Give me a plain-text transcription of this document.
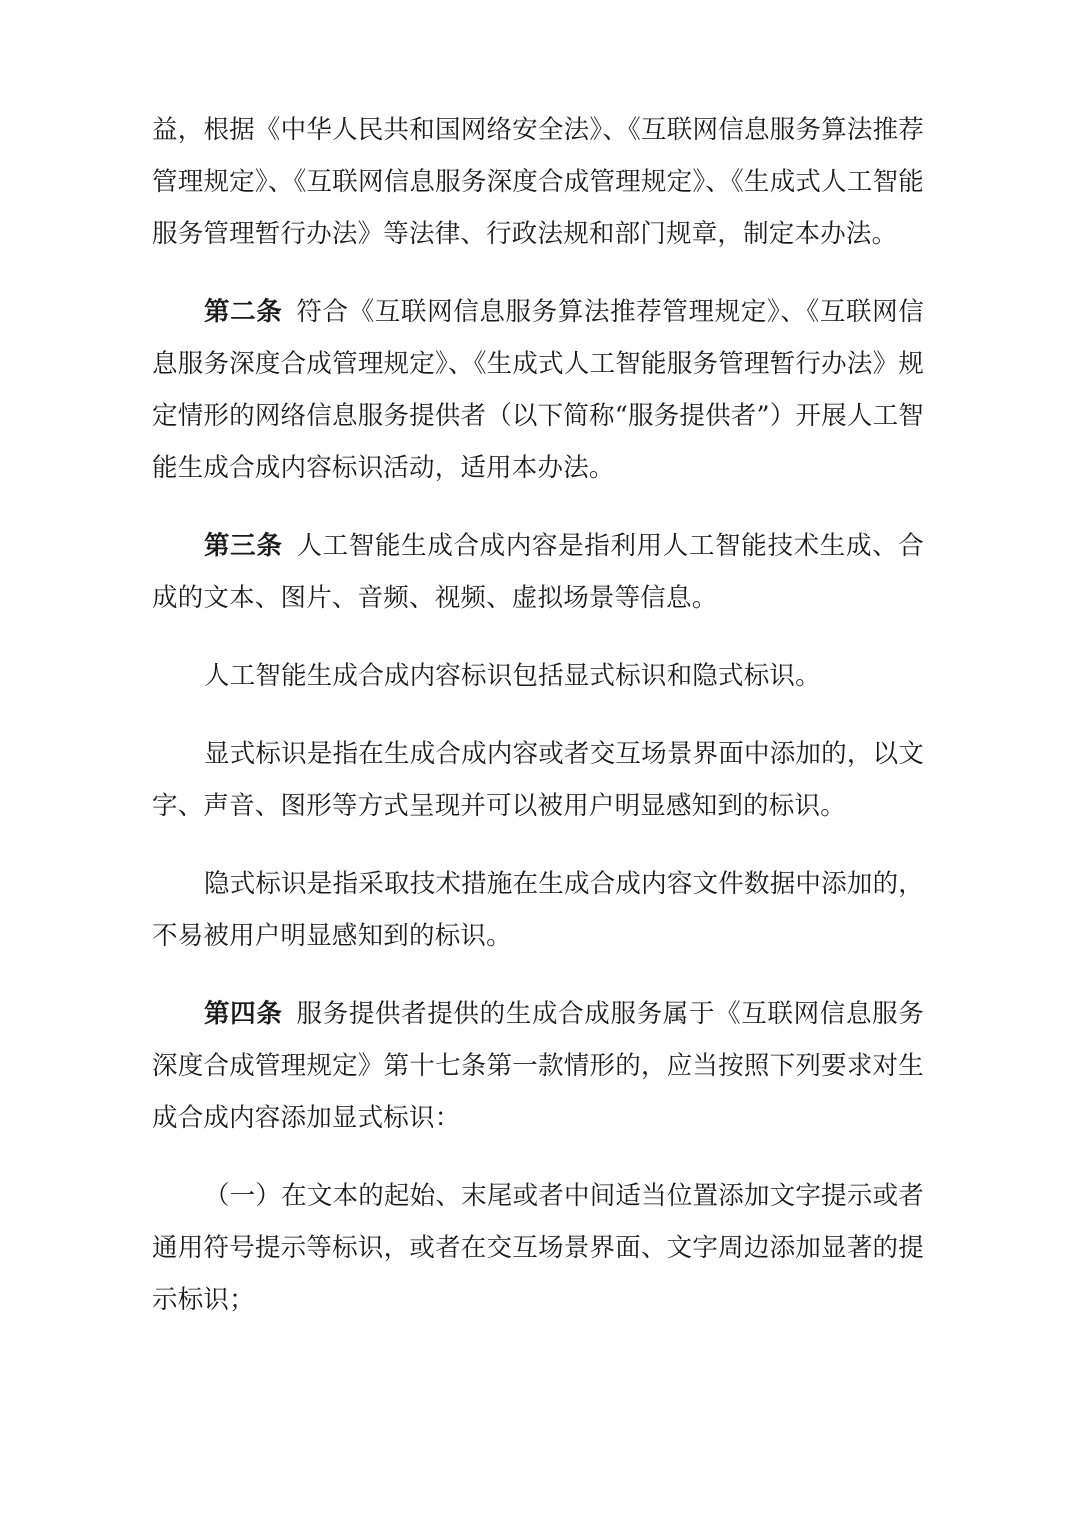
益，根据《中华人民共和国网络安全法》、《互联网信息服务算法推荐管理规定》、《互联网信息服务深度合成管理规定》、《生成式人工智能服务管理暂行办法》等法律、行政法规和部门规章，制定本办法。

第二条 符合《互联网信息服务算法推荐管理规定》、《互联网信息服务深度合成管理规定》、《生成式人工智能服务管理暂行办法》规定情形的网络信息服务提供者（以下简称“服务提供者”）开展人工智能生成合成内容标识活动，适用本办法。

第三条 人工智能生成合成内容是指利用人工智能技术生成、合成的文本、图片、音频、视频、虚拟场景等信息。

人工智能生成合成内容标识包括显式标识和隐式标识。

显式标识是指在生成合成内容或者交互场景界面中添加的，以文字、声音、图形等方式呈现并可以被用户明显感知到的标识。

隐式标识是指采取技术措施在生成合成内容文件数据中添加的，不易被用户明显感知到的标识。

第四条 服务提供者提供的生成合成服务属于《互联网信息服务深度合成管理规定》第十七条第一款情形的，应当按照下列要求对生成合成内容添加显式标识：

（一）在文本的起始、末尾或者中间适当位置添加文字提示或者通用符号提示等标识，或者在交互场景界面、文字周边添加显著的提示标识；
